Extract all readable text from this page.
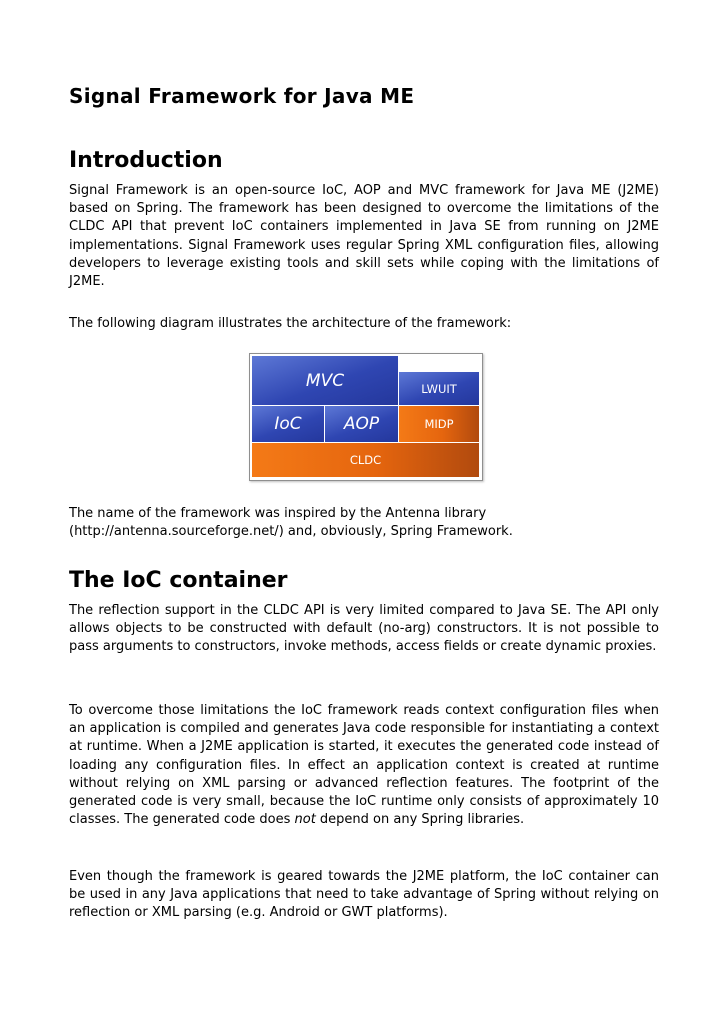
Signal Framework for Java ME
Introduction

Signal Framework is an open-source IoC, AOP and MVC framework for Java ME (J2ME) based on Spring. The framework has been designed to overcome the limitations of the CLDC API that prevent IoC containers implemented in Java SE from running on J2ME implementations. Signal Framework uses regular Spring XML configuration files, allowing developers to leverage existing tools and skill sets while coping with the limitations of J2ME.

The following diagram illustrates the architecture of the framework:

MVC	LWUIT
IoC AOP	MIDP
CLDC

The name of the framework was inspired by the Antenna library (http://antenna.sourceforge.net/) and, obviously, Spring Framework.

The IoC container

The reflection support in the CLDC API is very limited compared to Java SE. The API only allows objects to be constructed with default (no-arg) constructors. It is not possible to pass arguments to constructors, invoke methods, access fields or create dynamic proxies.

To overcome those limitations the IoC framework reads context configuration files when an application is compiled and generates Java code responsible for instantiating a context at runtime. When a J2ME application is started, it executes the generated code instead of loading any configuration files. In effect an application context is created at runtime without relying on XML parsing or advanced reflection features. The footprint of the generated code is very small, because the IoC runtime only consists of approximately 10 classes. The generated code does not depend on any Spring libraries.

Even though the framework is geared towards the J2ME platform, the IoC container can be used in any Java applications that need to take advantage of Spring without relying on reflection or XML parsing (e.g. Android or GWT platforms).
